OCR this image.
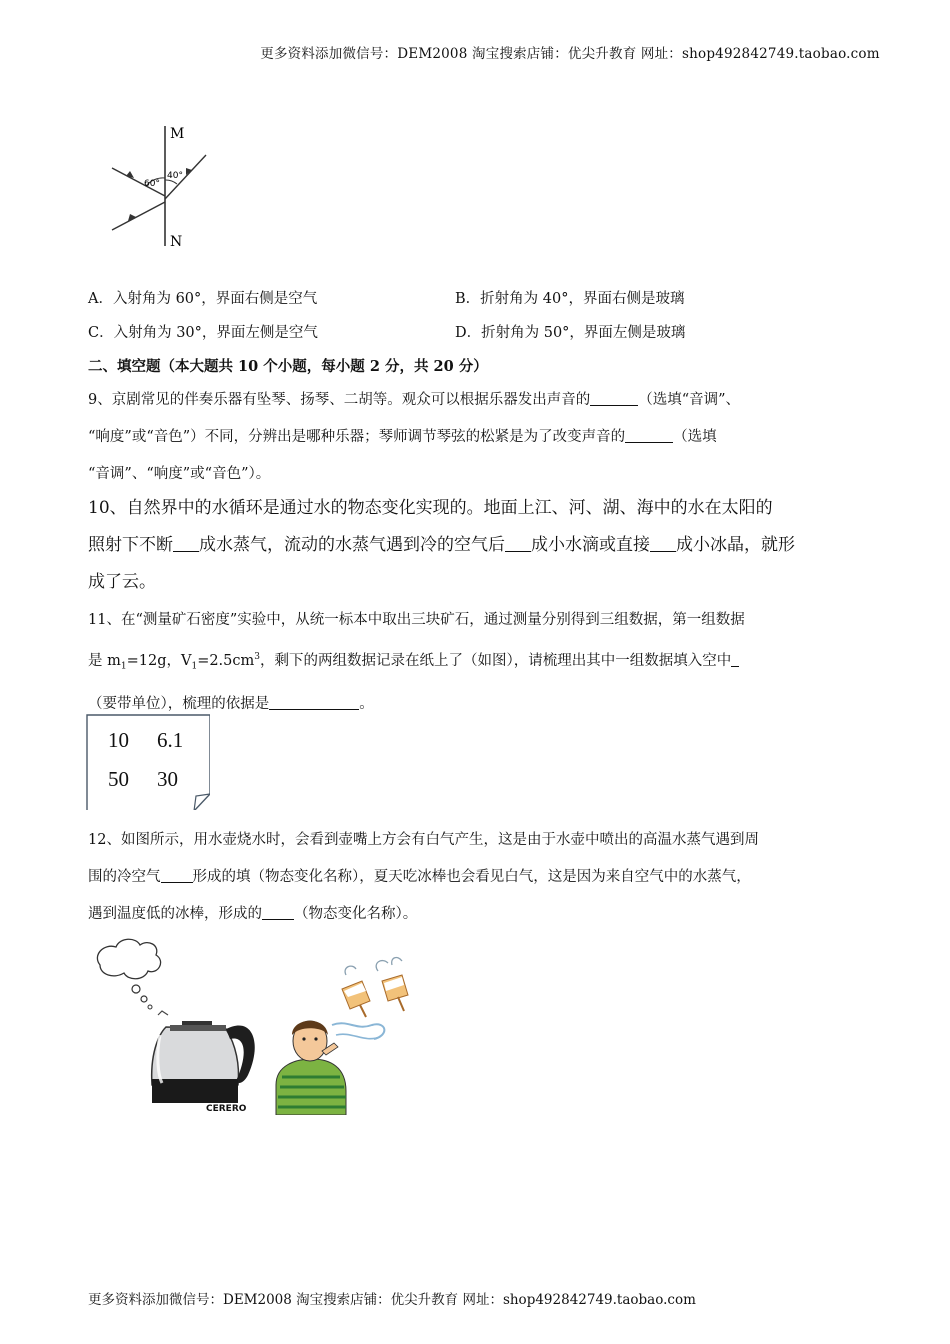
更多资料添加微信号：DEM2008 淘宝搜索店铺：优尖升教育 网址：shop492842749.taobao.com
M
N
60°
40°
A．入射角为 60°，界面右侧是空气	B．折射角为 40°，界面右侧是玻璃
C．入射角为 30°，界面左侧是空气	D．折射角为 50°，界面左侧是玻璃
二、填空题（本大题共 10 个小题，每小题 2 分，共 20 分）
9、京剧常见的伴奏乐器有坠琴、扬琴、二胡等。观众可以根据乐器发出声音的	（选填“音调”、
“响度”或“音色”）不同，分辨出是哪种乐器；琴师调节琴弦的松紧是为了改变声音的	（选填
“音调”、“响度”或“音色”）。
10、自然界中的水循环是通过水的物态变化实现的。地面上江、河、湖、海中的水在太阳的
照射下不断 成水蒸气，流动的水蒸气遇到冷的空气后 成小水滴或直接 成小冰晶，就形
成了云。
11、在“测量矿石密度”实验中，从统一标本中取出三块矿石，通过测量分别得到三组数据，第一组数据
是 $m_1=12g$，$V_1=2.5cm^3$，剩下的两组数据记录在纸上了（如图），请梳理出其中一组数据填入空中
（要带单位），梳理的依据是	。
10 6.1
50 30
12、如图所示，用水壶烧水时，会看到壶嘴上方会有白气产生，这是由于水壶中喷出的高温水蒸气遇到周
围的冷空气 形成的填（物态变化名称），夏天吃冰棒也会看见白气，这是因为来自空气中的水蒸气，
遇到温度低的冰棒，形成的 （物态变化名称）。
CERERO
更多资料添加微信号：DEM2008 淘宝搜索店铺：优尖升教育 网址：shop492842749.taobao.com
